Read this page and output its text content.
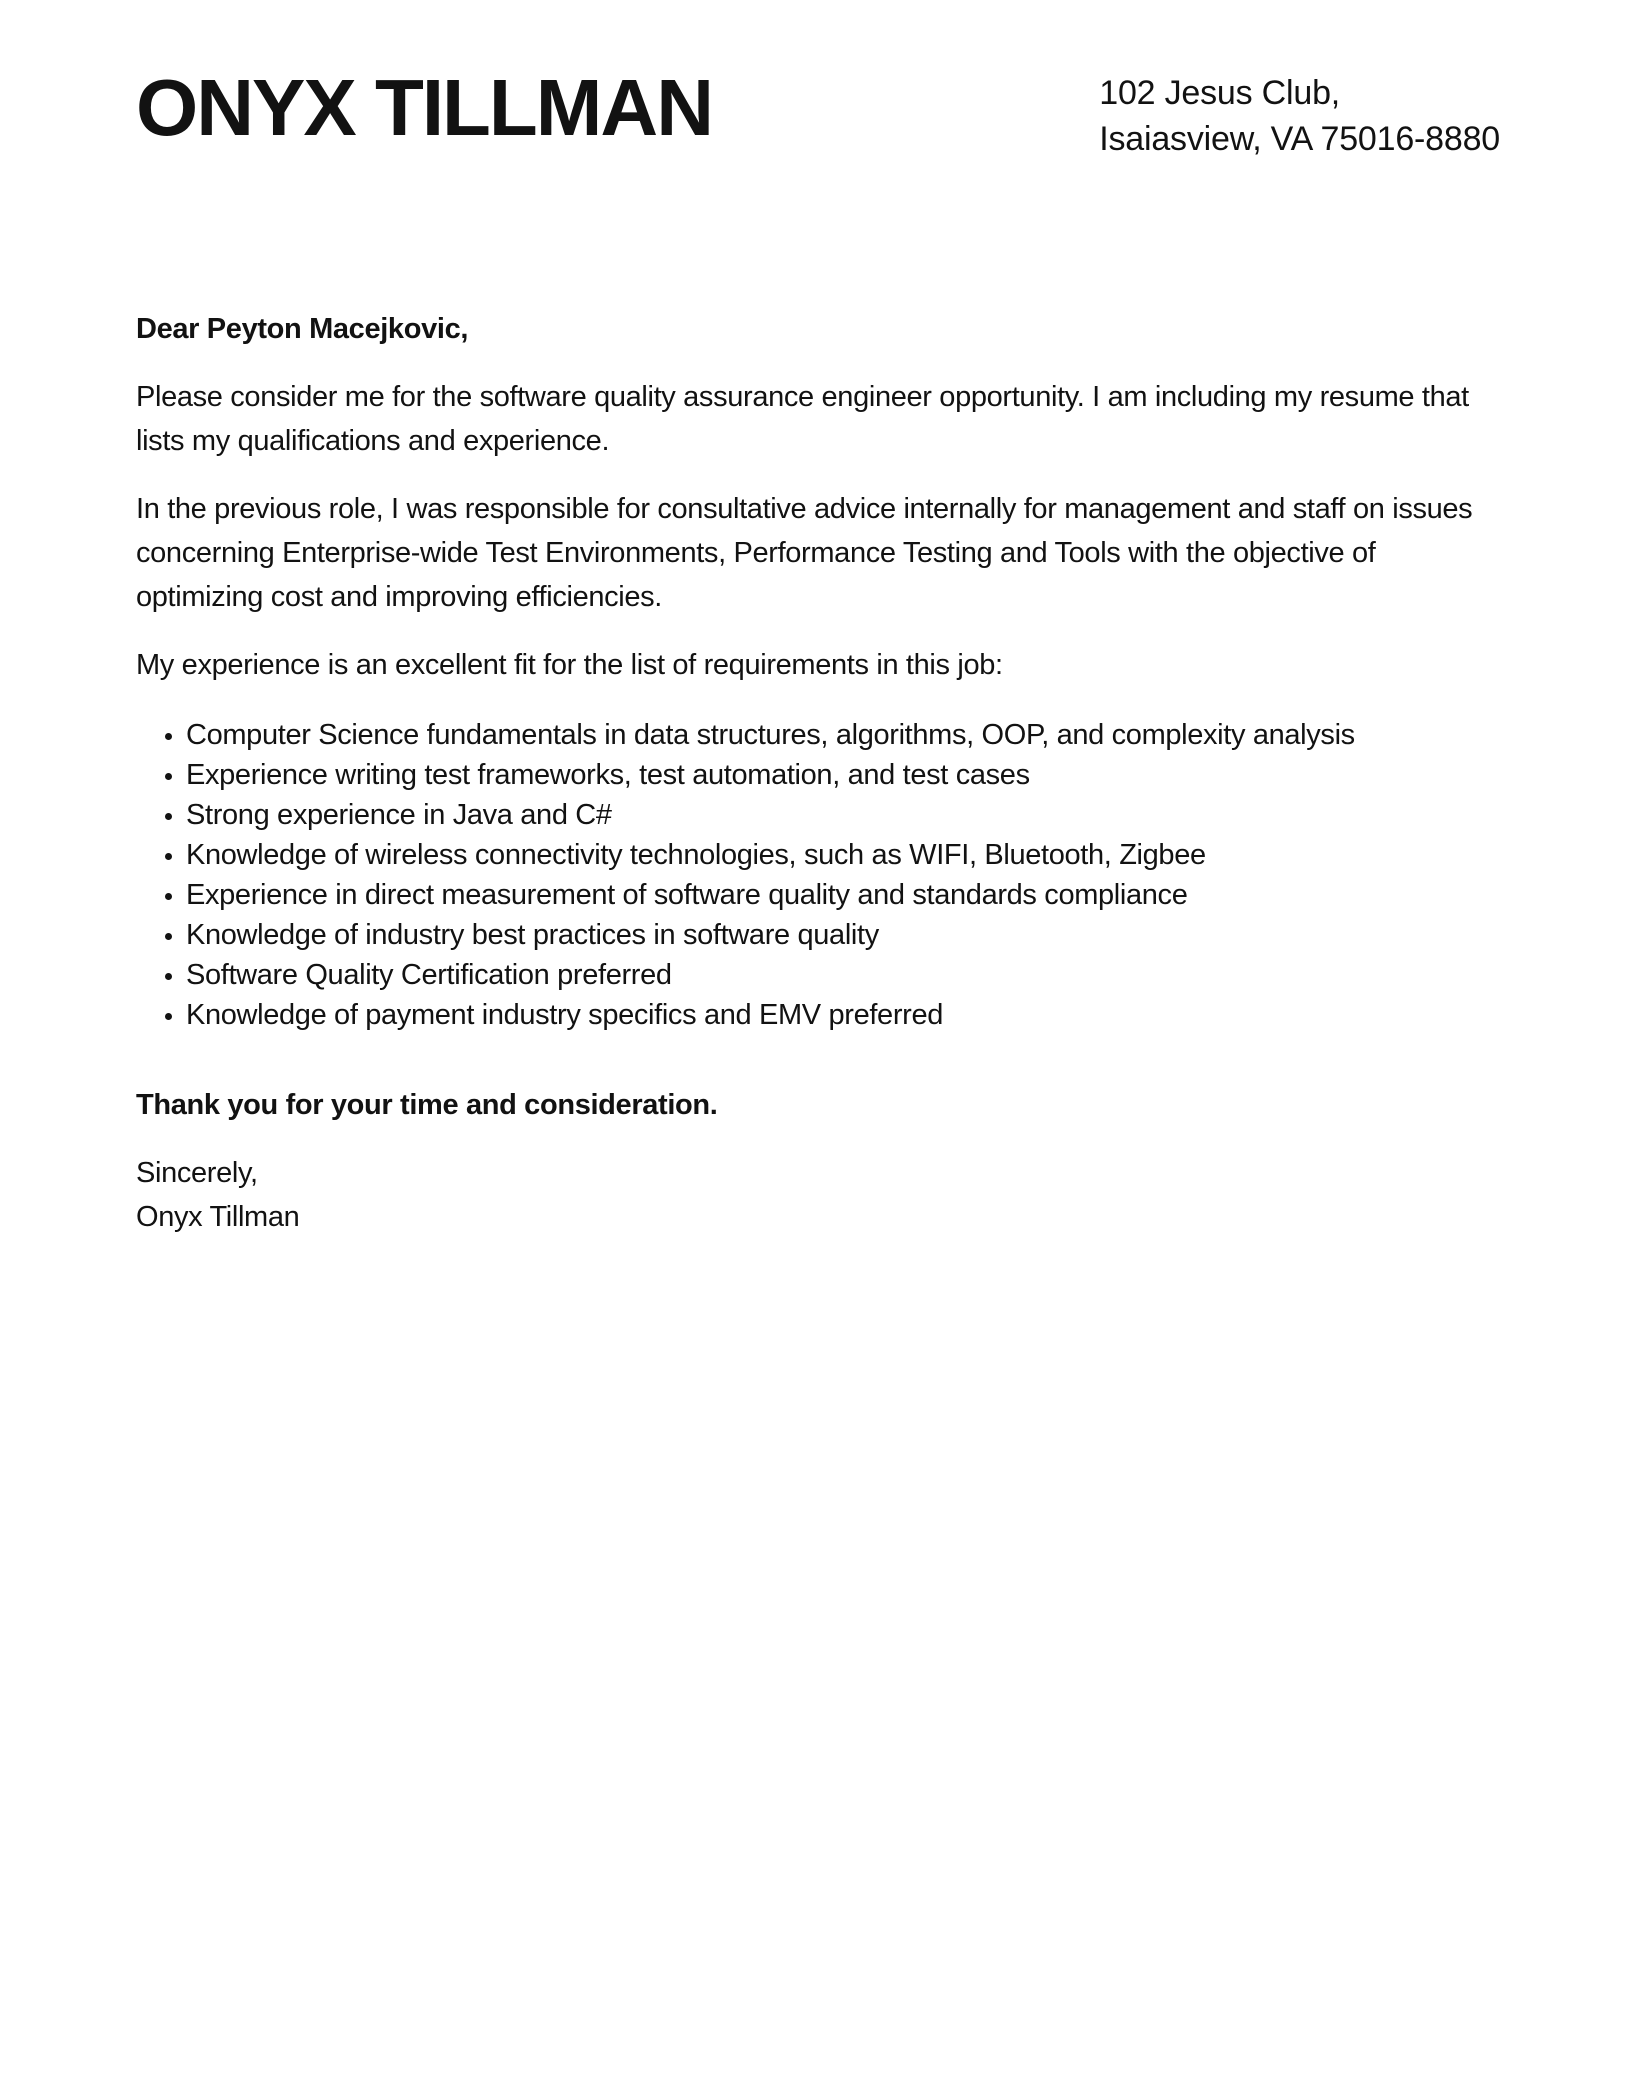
ONYX TILLMAN	102 Jesus Club,
Isaiasview, VA 75016-8880

Dear Peyton Macejkovic,

Please consider me for the software quality assurance engineer opportunity. I am including my resume that lists my qualifications and experience.

In the previous role, I was responsible for consultative advice internally for management and staff on issues concerning Enterprise-wide Test Environments, Performance Testing and Tools with the objective of optimizing cost and improving efficiencies.

My experience is an excellent fit for the list of requirements in this job:

• Computer Science fundamentals in data structures, algorithms, OOP, and complexity analysis
• Experience writing test frameworks, test automation, and test cases
• Strong experience in Java and C#
• Knowledge of wireless connectivity technologies, such as WIFI, Bluetooth, Zigbee
• Experience in direct measurement of software quality and standards compliance
• Knowledge of industry best practices in software quality
• Software Quality Certification preferred
• Knowledge of payment industry specifics and EMV preferred

Thank you for your time and consideration.

Sincerely,

Onyx Tillman
